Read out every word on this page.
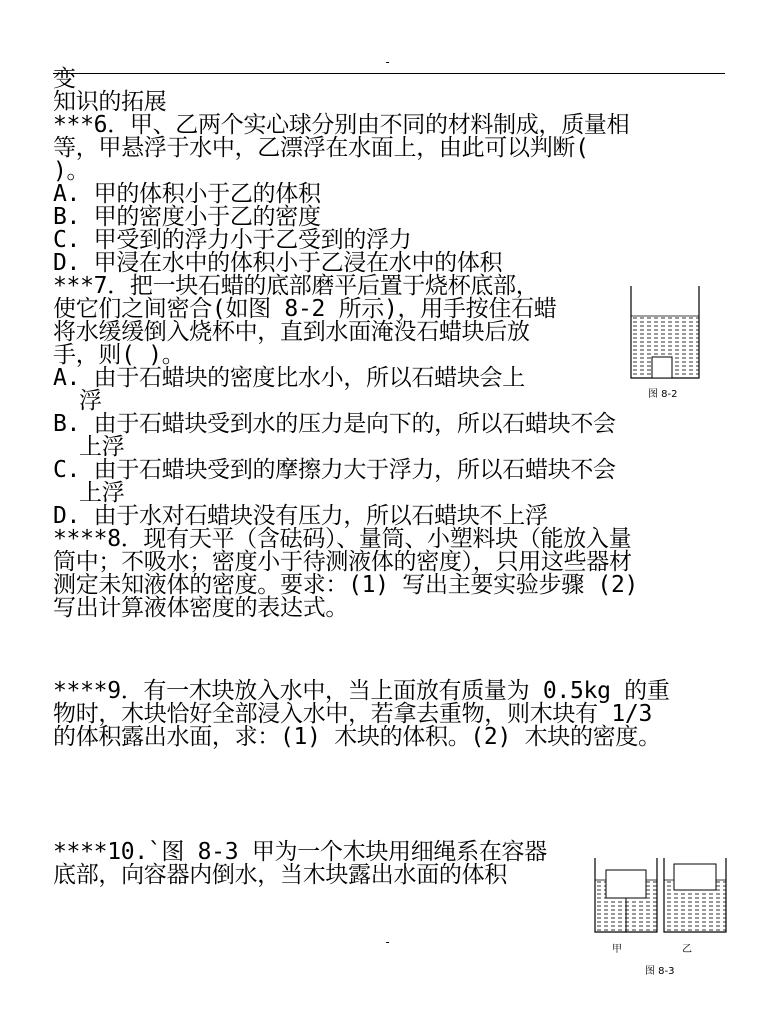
-
变
知识的拓展
***6．甲、乙两个实心球分别由不同的材料制成，质量相
等，甲悬浮于水中，乙漂浮在水面上，由此可以判断(
)。
A. 甲的体积小于乙的体积
B. 甲的密度小于乙的密度
C. 甲受到的浮力小于乙受到的浮力
D. 甲浸在水中的体积小于乙浸在水中的体积
***7．把一块石蜡的底部磨平后置于烧杯底部，
使它们之间密合(如图 8-2 所示)，用手按住石蜡
将水缓缓倒入烧杯中，直到水面淹没石蜡块后放
手，则( )。
A. 由于石蜡块的密度比水小，所以石蜡块会上
浮
B. 由于石蜡块受到水的压力是向下的，所以石蜡块不会
上浮
C. 由于石蜡块受到的摩擦力大于浮力，所以石蜡块不会
上浮
D. 由于水对石蜡块没有压力，所以石蜡块不上浮
****8．现有天平（含砝码）、量筒、小塑料块（能放入量
筒中；不吸水；密度小于待测液体的密度），只用这些器材
测定未知液体的密度。要求：(1) 写出主要实验步骤 (2)
写出计算液体密度的表达式。
****9．有一木块放入水中，当上面放有质量为 0.5kg 的重
物时，木块恰好全部浸入水中，若拿去重物，则木块有 1/3
的体积露出水面，求：(1) 木块的体积。(2) 木块的密度。
****10.`图 8-3 甲为一个木块用细绳系在容器
底部，向容器内倒水，当木块露出水面的体积
图 8-2
甲	乙
图 8-3
-
